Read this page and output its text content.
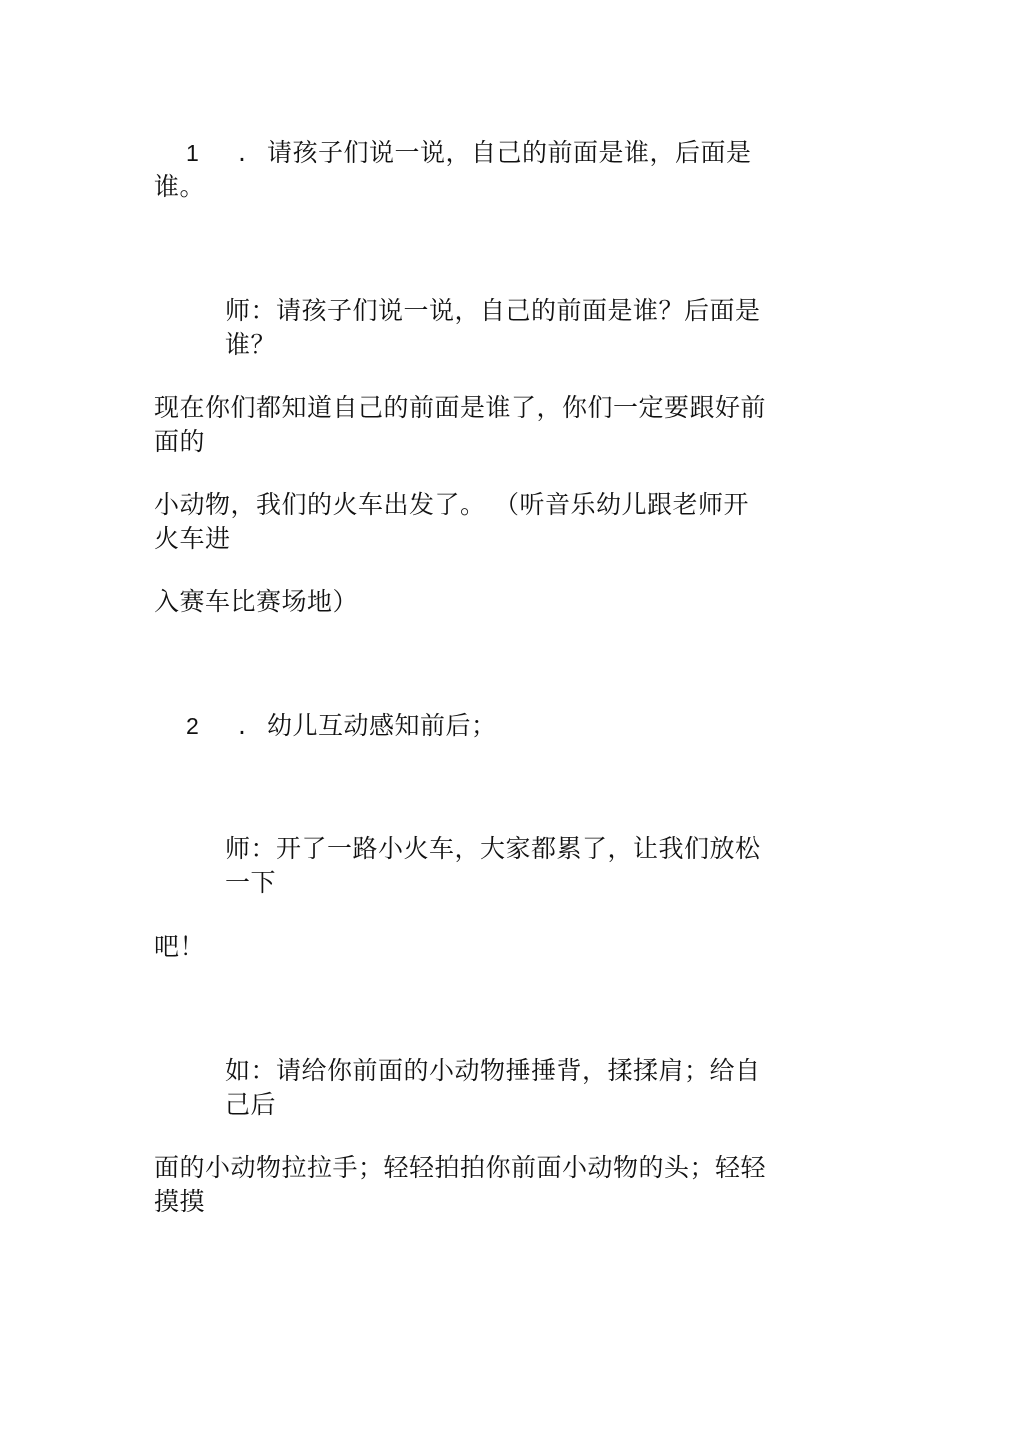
1 . 请孩子们说一说，自己的前面是谁，后面是
谁。
师：请孩子们说一说，自己的前面是谁？后面是
谁？
现在你们都知道自己的前面是谁了，你们一定要跟好前
面的
小动物，我们的火车出发了。 （听音乐幼儿跟老师开
火车进
入赛车比赛场地）
2 . 幼儿互动感知前后；
师：开了一路小火车，大家都累了，让我们放松
一下
吧！
如：请给你前面的小动物捶捶背，揉揉肩；给自
己后
面的小动物拉拉手；轻轻拍拍你前面小动物的头；轻轻
摸摸
